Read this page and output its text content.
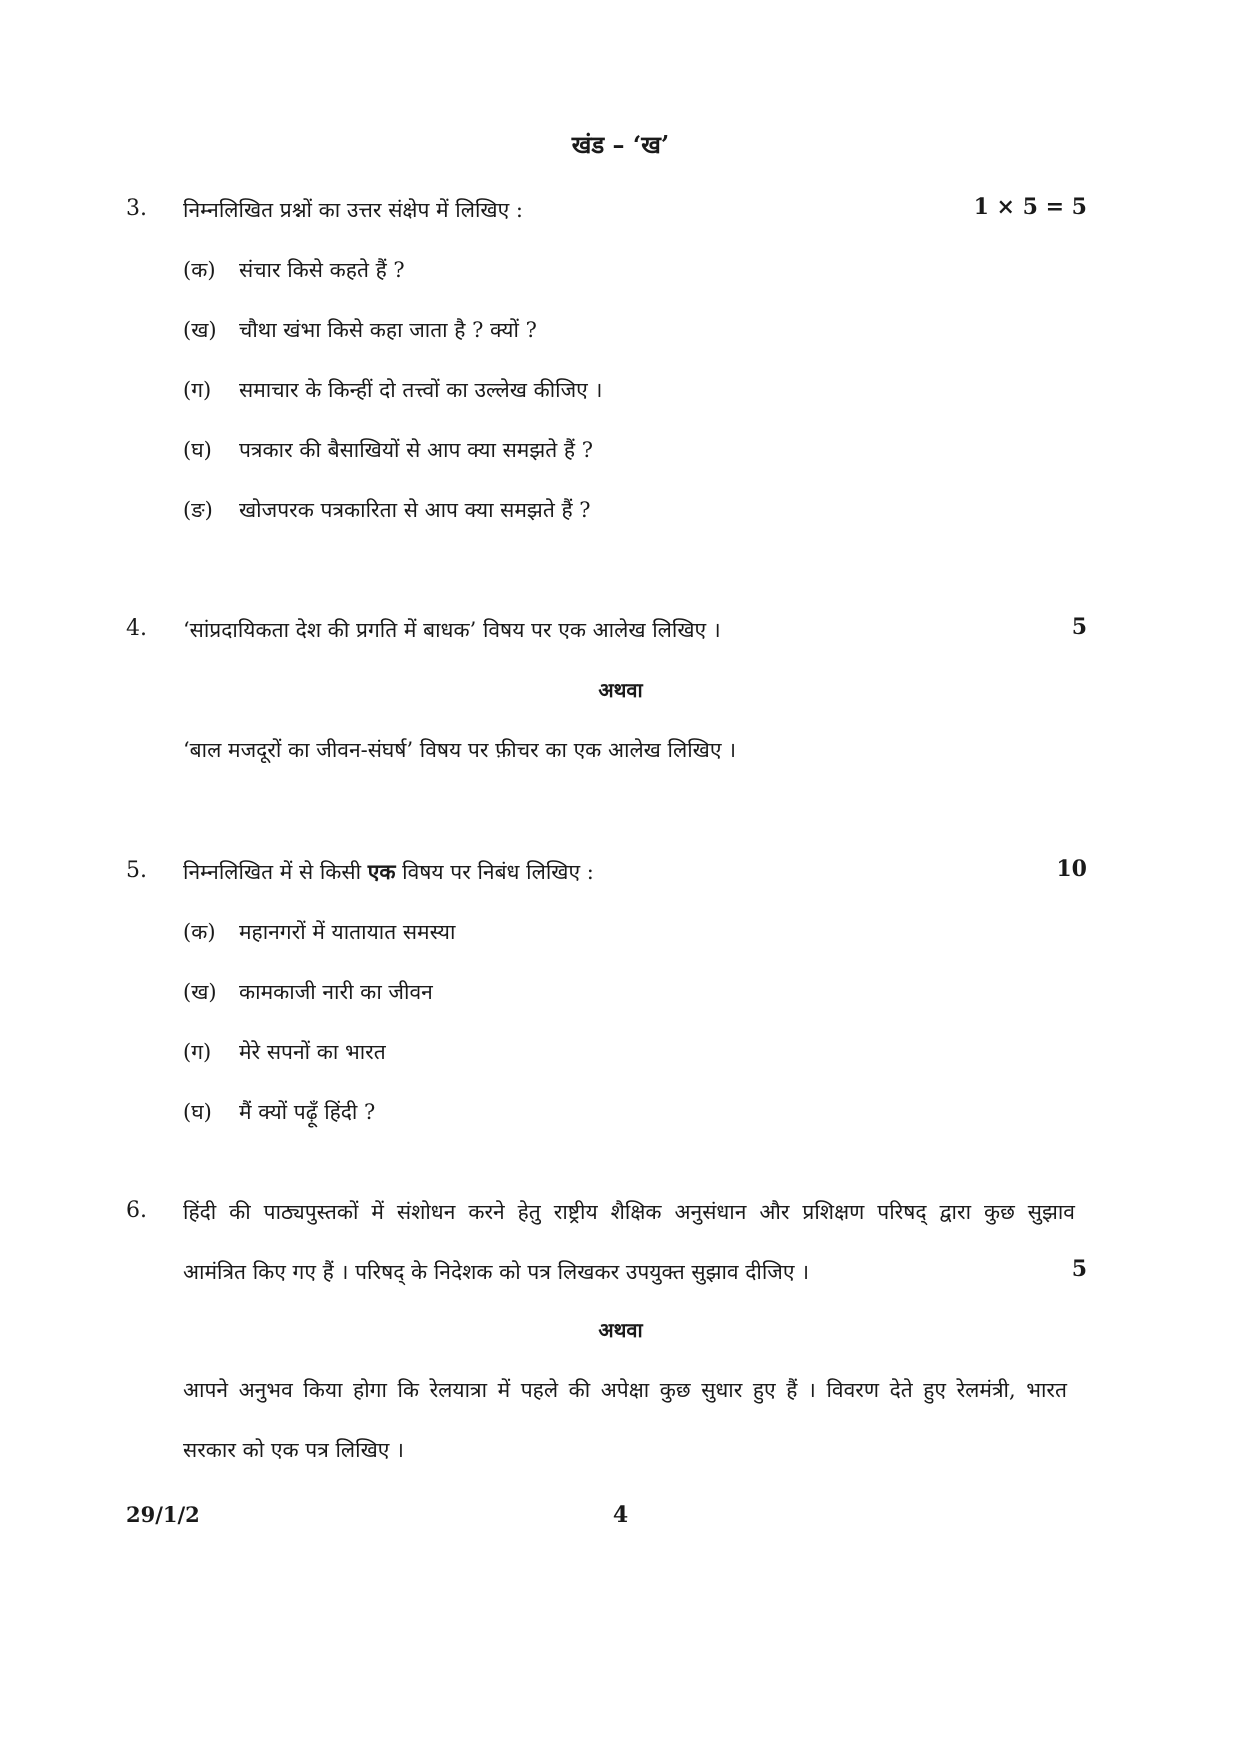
खंड – ‘ख’
3. निम्नलिखित प्रश्नों का उत्तर संक्षेप में लिखिए :	1 × 5 = 5
(क) संचार किसे कहते हैं ?
(ख) चौथा खंभा किसे कहा जाता है ? क्यों ?
(ग) समाचार के किन्हीं दो तत्त्वों का उल्लेख कीजिए ।
(घ) पत्रकार की बैसाखियों से आप क्या समझते हैं ?
(ङ) खोजपरक पत्रकारिता से आप क्या समझते हैं ?
4. ‘सांप्रदायिकता देश की प्रगति में बाधक’ विषय पर एक आलेख लिखिए ।	5
अथवा
‘बाल मजदूरों का जीवन-संघर्ष’ विषय पर फ़ीचर का एक आलेख लिखिए ।
5. निम्नलिखित में से किसी एक विषय पर निबंध लिखिए :	10
(क) महानगरों में यातायात समस्या
(ख) कामकाजी नारी का जीवन
(ग) मेरे सपनों का भारत
(घ) मैं क्यों पढ़ूँ हिंदी ?
6. हिंदी की पाठ्यपुस्तकों में संशोधन करने हेतु राष्ट्रीय शैक्षिक अनुसंधान और प्रशिक्षण परिषद् द्वारा कुछ सुझाव
आमंत्रित किए गए हैं । परिषद् के निदेशक को पत्र लिखकर उपयुक्त सुझाव दीजिए ।	5
अथवा
आपने अनुभव किया होगा कि रेलयात्रा में पहले की अपेक्षा कुछ सुधार हुए हैं । विवरण देते हुए रेलमंत्री, भारत
सरकार को एक पत्र लिखिए ।
29/1/2	4
